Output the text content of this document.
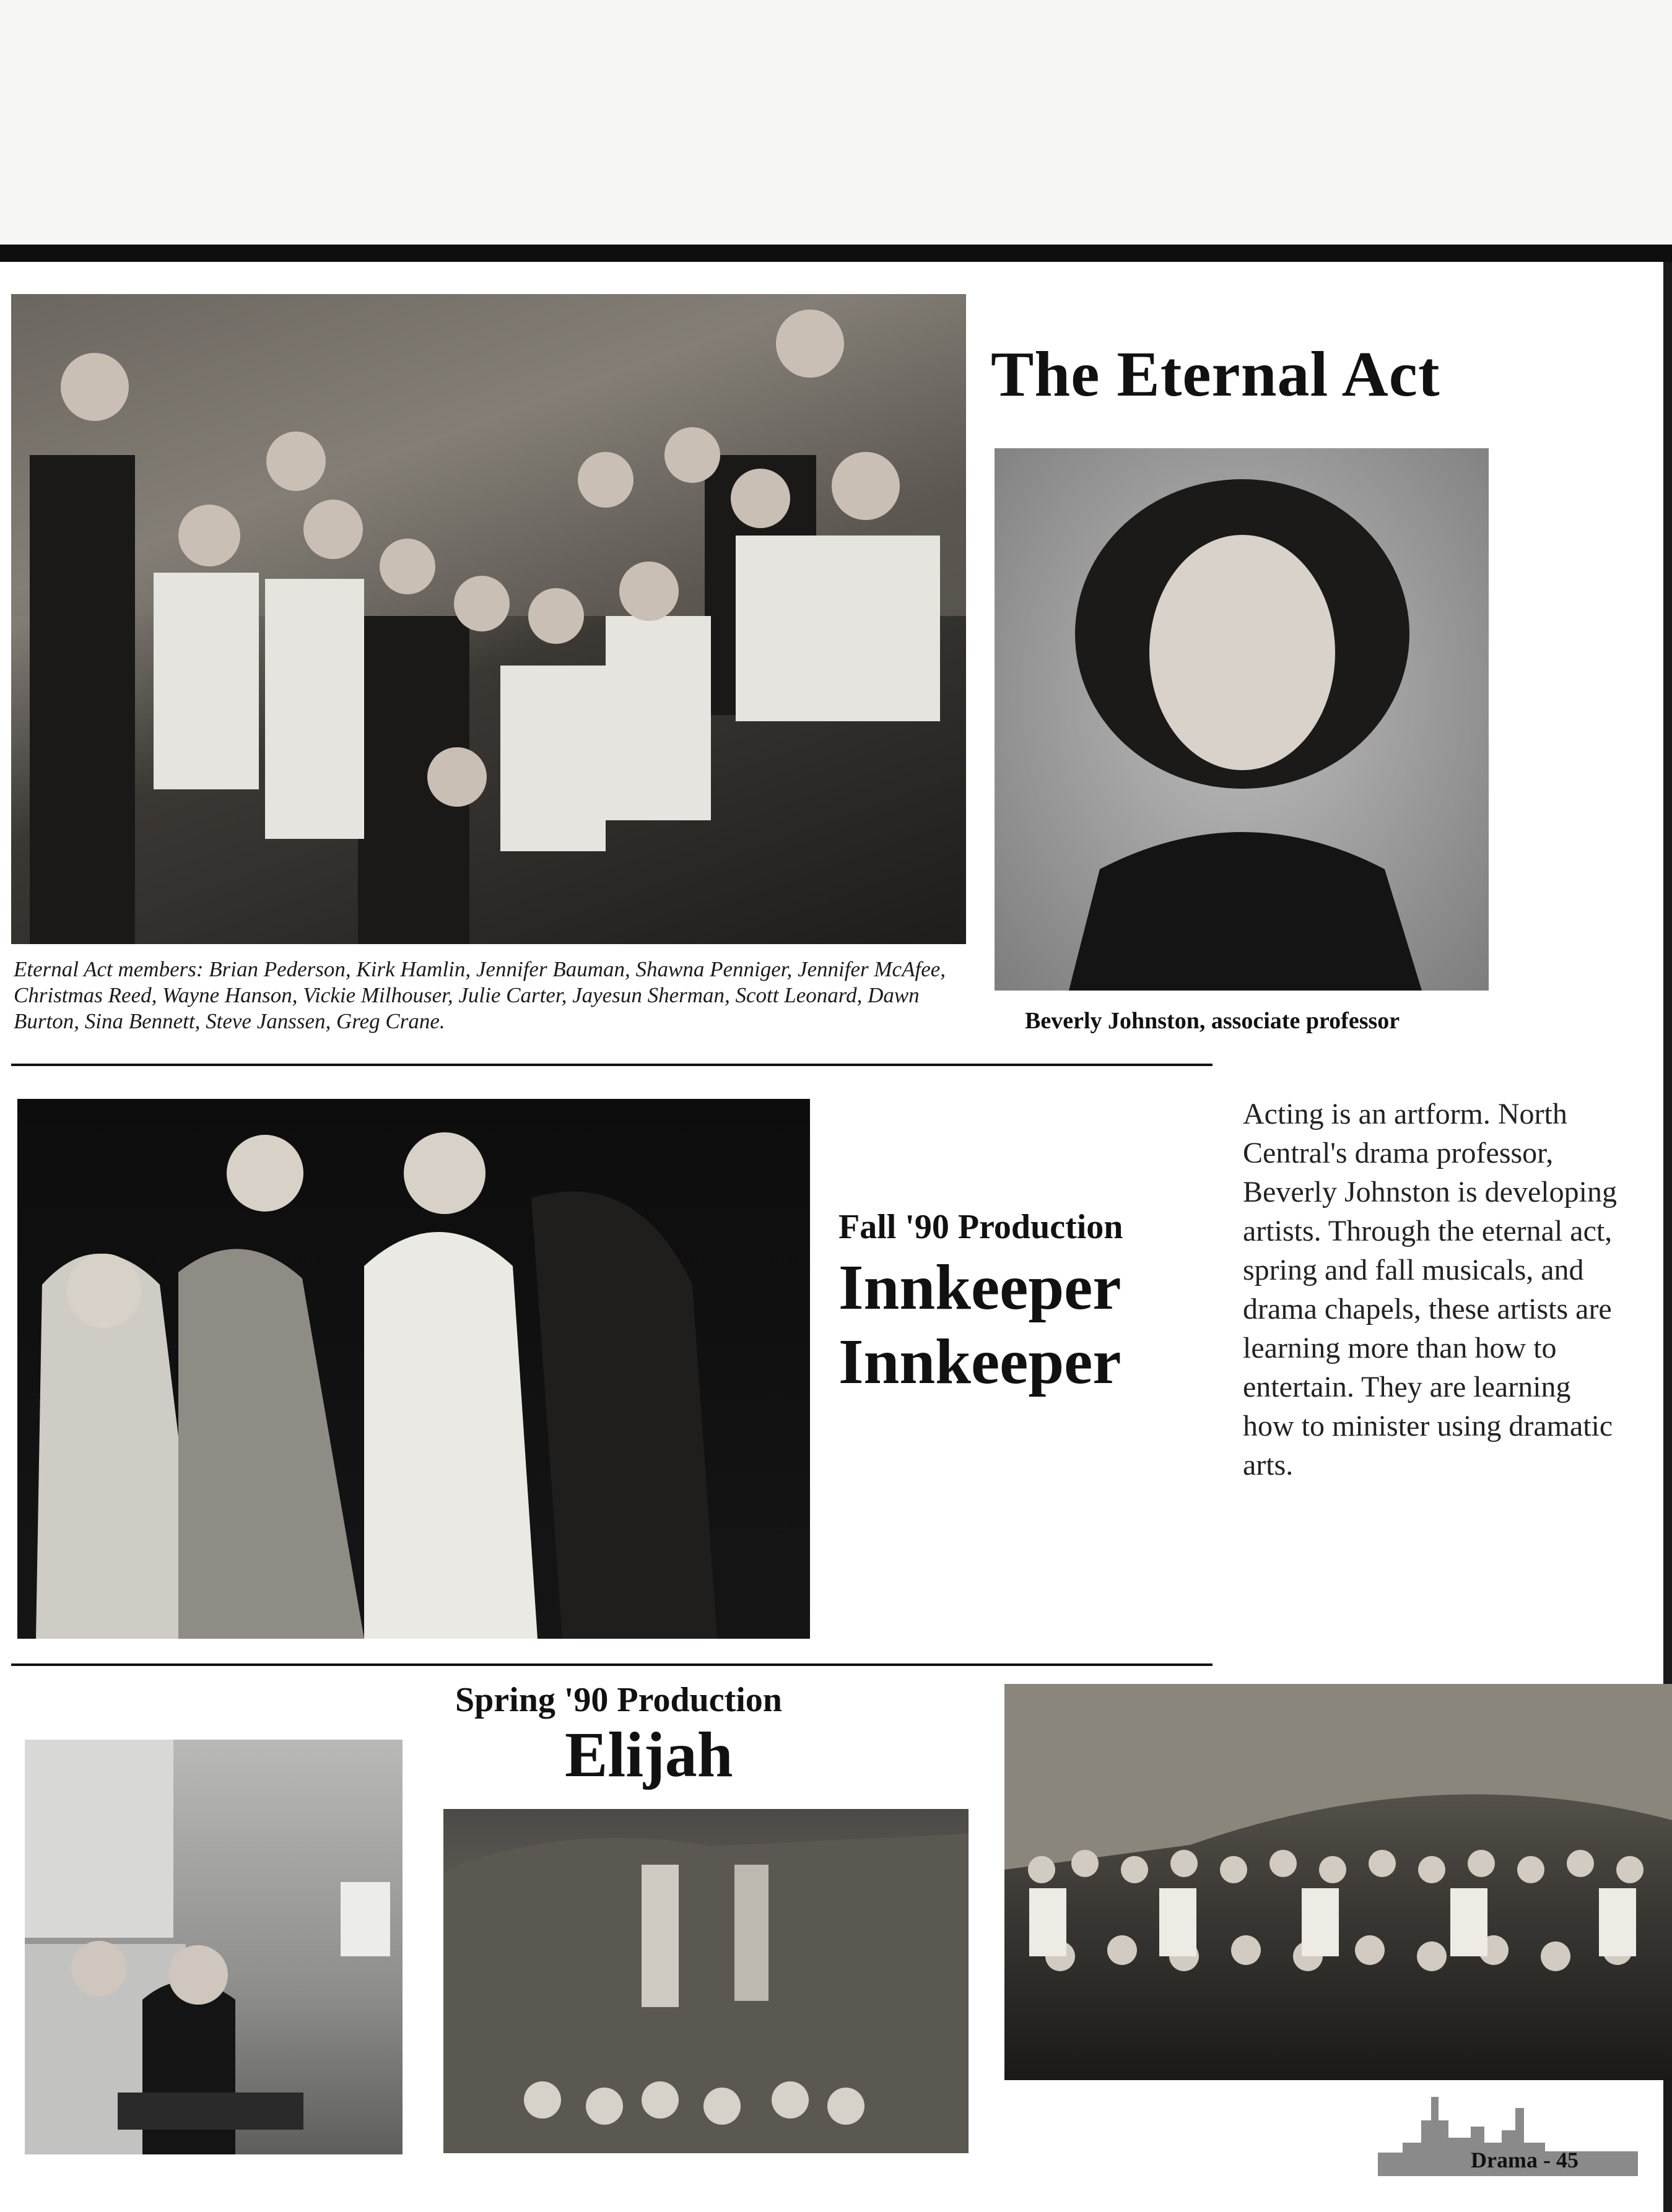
The Eternal Act
Eternal Act members: Brian Pederson, Kirk Hamlin, Jennifer Bauman, Shawna Penniger, Jennifer McAfee, Christmas Reed, Wayne Hanson, Vickie Milhouser, Julie Carter, Jayesun Sherman, Scott Leonard, Dawn Burton, Sina Bennett, Steve Janssen, Greg Crane.	Beverly Johnston, associate professor
Fall '90 Production
Innkeeper
Innkeeper
Acting is an artform. North Central's drama professor, Beverly Johnston is developing artists. Through the eternal act, spring and fall musicals, and drama chapels, these artists are learning more than how to entertain. They are learning how to minister using dramatic arts.
Spring '90 Production
Elijah
Drama - 45
